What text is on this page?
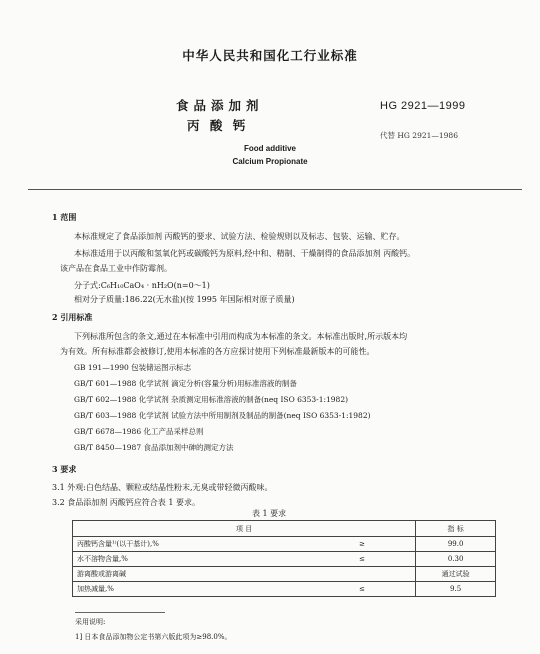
中华人民共和国化工行业标准
食品添加剂
丙 酸 钙
HG 2921—1999
代替 HG 2921—1986
Food additive
Calcium Propionate
1 范围
本标准规定了食品添加剂 丙酸钙的要求、试验方法、检验规则以及标志、包装、运输、贮存。
本标准适用于以丙酸和氢氧化钙或碳酸钙为原料,经中和、精制、干燥制得的食品添加剂 丙酸钙。
该产品在食品工业中作防霉剂。
分子式:C₆H₁₀CaO₄ · nH₂O(n=0～1)
相对分子质量:186.22(无水盐)(按 1995 年国际相对原子质量)
2 引用标准
下列标准所包含的条文,通过在本标准中引用而构成为本标准的条文。本标准出版时,所示版本均
为有效。所有标准都会被修订,使用本标准的各方应探讨使用下列标准最新版本的可能性。
GB 191—1990 包装储运图示标志
GB/T 601—1988 化学试剂 滴定分析(容量分析)用标准溶液的制备
GB/T 602—1988 化学试剂 杂质测定用标准溶液的制备(neq ISO 6353-1:1982)
GB/T 603—1988 化学试剂 试验方法中所用制剂及制品的制备(neq ISO 6353-1:1982)
GB/T 6678—1986 化工产品采样总则
GB/T 8450—1987 食品添加剂中砷的测定方法
3 要求
3.1 外观:白色结晶、颗粒或结晶性粉末,无臭或带轻微丙酸味。
3.2 食品添加剂 丙酸钙应符合表 1 要求。
表 1 要求
项 目		指 标
丙酸钙含量¹⁾(以干基计),%	≥	99.0
水不溶物含量,%	≤	0.30
游离酸或游离碱		通过试验
加热减量,%	≤	9.5
采用说明:
1] 日本食品添加物公定书第六版此项为≥98.0%。
